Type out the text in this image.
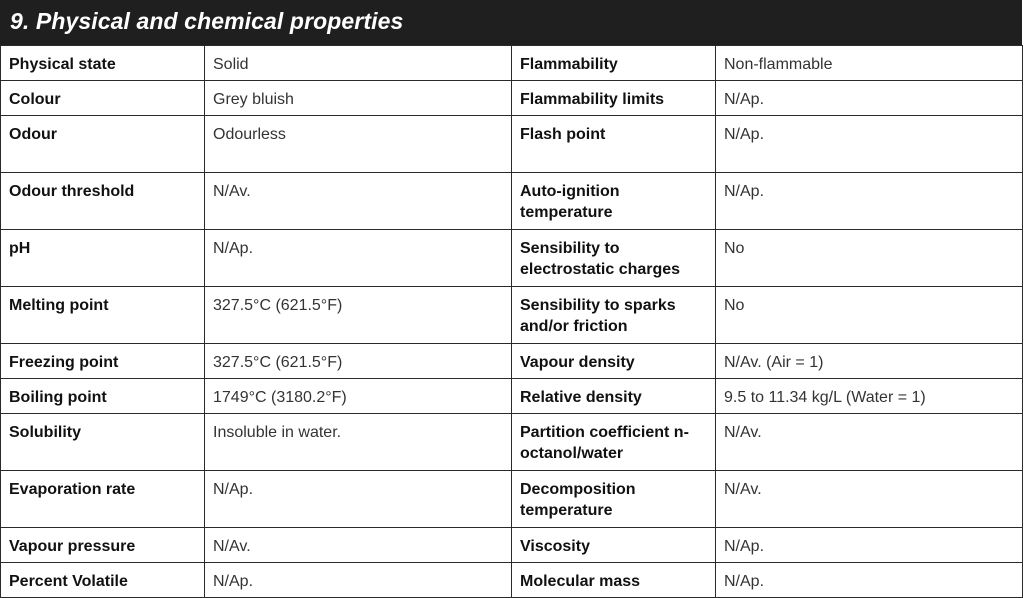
9. Physical and chemical properties
Physical state	Solid	Flammability	Non-flammable
Colour	Grey bluish	Flammability limits	N/Ap.
Odour	Odourless	Flash point	N/Ap.
Odour threshold	N/Av.	Auto-ignition temperature	N/Ap.
pH	N/Ap.	Sensibility to electrostatic charges	No
Melting point	327.5°C (621.5°F)	Sensibility to sparks and/or friction	No
Freezing point	327.5°C (621.5°F)	Vapour density	N/Av. (Air = 1)
Boiling point	1749°C (3180.2°F)	Relative density	9.5 to 11.34 kg/L (Water = 1)
Solubility	Insoluble in water.	Partition coefficient n-octanol/water	N/Av.
Evaporation rate	N/Ap.	Decomposition temperature	N/Av.
Vapour pressure	N/Av.	Viscosity	N/Ap.
Percent Volatile	N/Ap.	Molecular mass	N/Ap.
